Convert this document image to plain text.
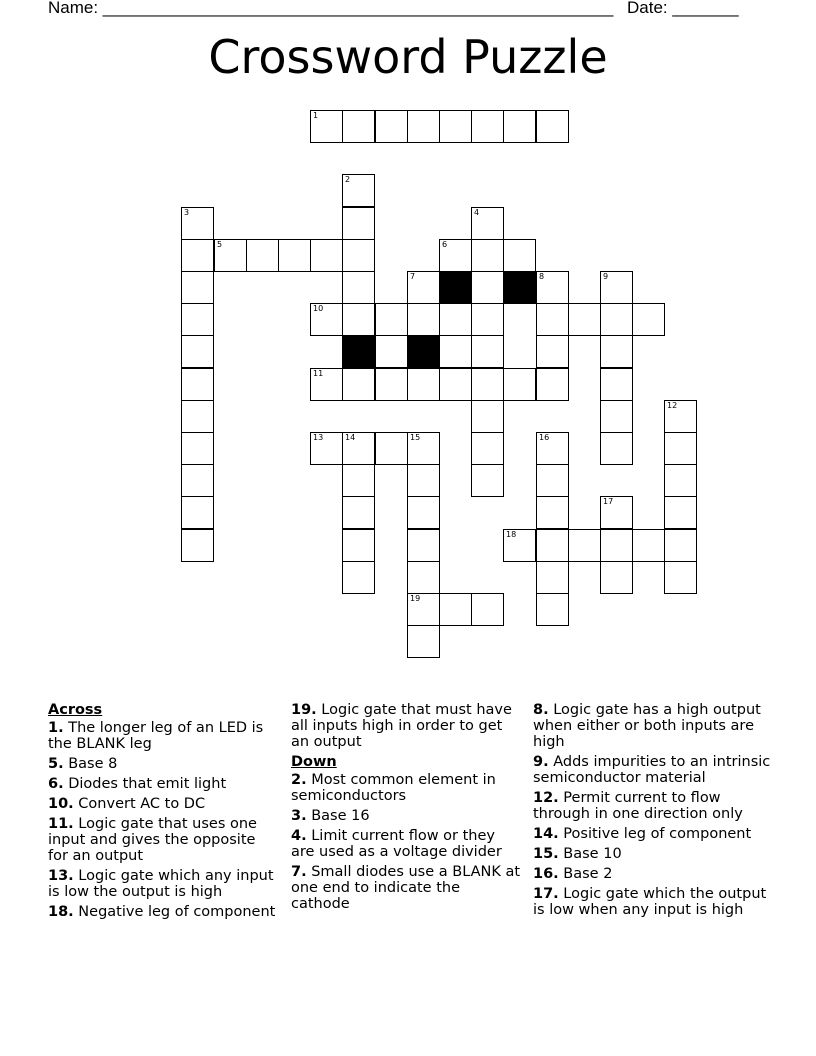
Name: ______________________________________________________ Date: _______
Crossword Puzzle
1
2
3
5
4
6
7	8	9
10
11
12
13	14	15
19
16
17
18
Across
1. The longer leg of an LED is the BLANK leg
5. Base 8
6. Diodes that emit light
10. Convert AC to DC
11. Logic gate that uses one input and gives the opposite for an output
13. Logic gate which any input is low the output is high
18. Negative leg of component
19. Logic gate that must have all inputs high in order to get an output
Down
2. Most common element in semiconductors
3. Base 16
4. Limit current flow or they are used as a voltage divider
7. Small diodes use a BLANK at one end to indicate the cathode
8. Logic gate has a high output when either or both inputs are high
9. Adds impurities to an intrinsic semiconductor material
12. Permit current to flow through in one direction only
14. Positive leg of component
15. Base 10
16. Base 2
17. Logic gate which the output is low when any input is high
